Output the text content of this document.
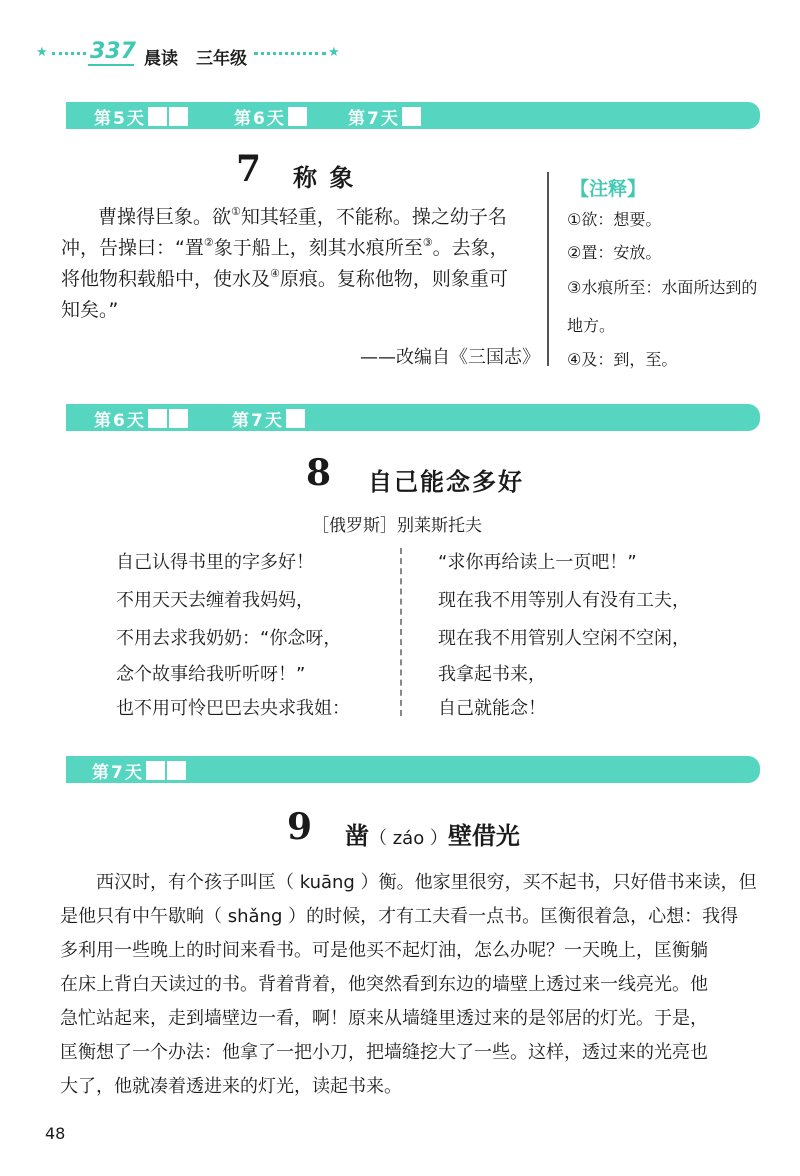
★ 337 晨读 三年级	★
第5天	第6天	第7天
7 称 象
曹操得巨象。欲①知其轻重，不能称。操之幼子名
冲，告操曰：“置②象于船上，刻其水痕所至③。去象，
将他物积载船中，使水及④原痕。复称他物，则象重可
知矣。”
——改编自《三国志》
【注释】
①欲：想要。
②置：安放。
③水痕所至：水面所达到的
地方。
④及：到，至。
第6天	第7天
8 自己能念多好
［俄罗斯］别莱斯托夫
自己认得书里的字多好！
不用天天去缠着我妈妈，
不用去求我奶奶：“你念呀，
念个故事给我听听呀！”
也不用可怜巴巴去央求我姐：
“求你再给读上一页吧！”
现在我不用等别人有没有工夫，
现在我不用管别人空闲不空闲，
我拿起书来，
自己就能念！
第7天
9 凿（ záo ）壁借光
西汉时，有个孩子叫匡（ kuāng ）衡。他家里很穷，买不起书，只好借书来读，但
是他只有中午歇晌（ shǎng ）的时候，才有工夫看一点书。匡衡很着急，心想：我得
多利用一些晚上的时间来看书。可是他买不起灯油，怎么办呢？一天晚上，匡衡躺
在床上背白天读过的书。背着背着，他突然看到东边的墙壁上透过来一线亮光。他
急忙站起来，走到墙壁边一看，啊！原来从墙缝里透过来的是邻居的灯光。于是，
匡衡想了一个办法：他拿了一把小刀，把墙缝挖大了一些。这样，透过来的光亮也
大了，他就凑着透进来的灯光，读起书来。
48
